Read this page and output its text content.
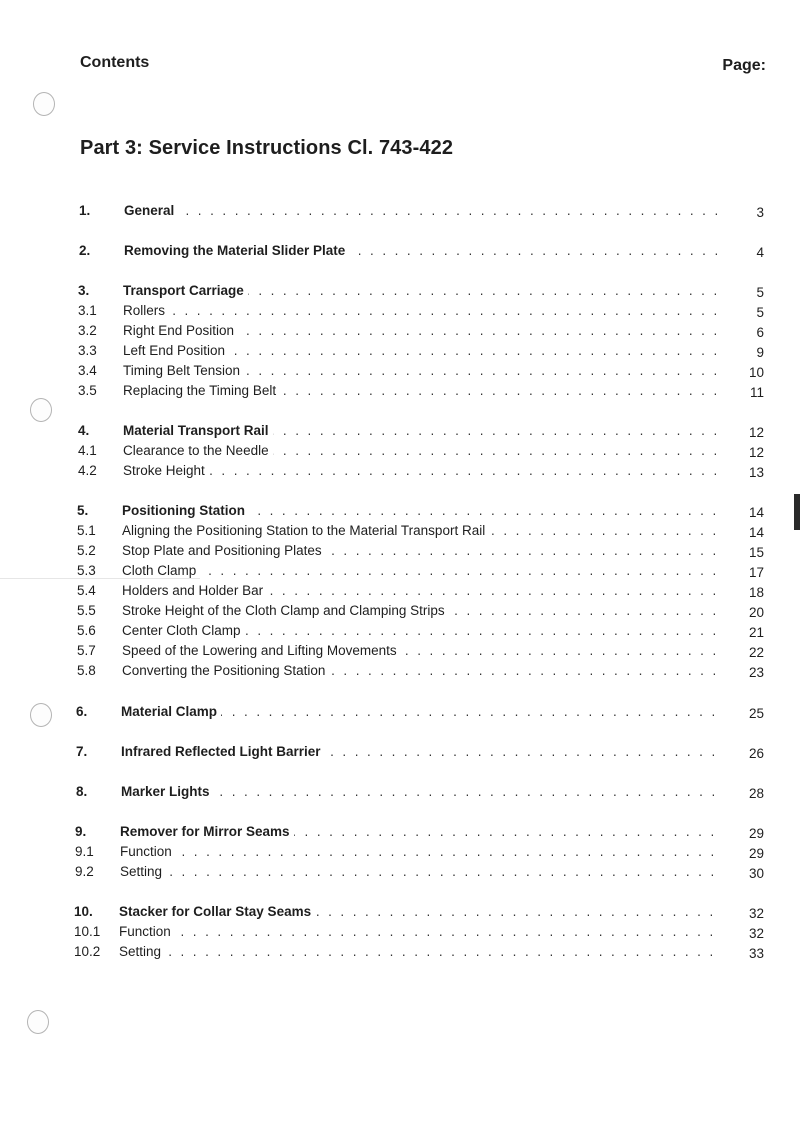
Contents	Page:
Part 3: Service Instructions Cl. 743-422
1. General . . .	3
2. Removing the Material Slider Plate . . .	4
3. Transport Carriage . . .	5
3.1 Rollers . . .	5
3.2 Right End Position . . .	6
3.3 Left End Position . . .	9
3.4 Timing Belt Tension . . .	10
3.5 Replacing the Timing Belt . . .	11
4. Material Transport Rail . . .	12
4.1 Clearance to the Needle . . .	12
4.2 Stroke Height . . .	13
5. Positioning Station . . .	14
5.1 Aligning the Positioning Station to the Material Transport Rail . . .	14
5.2 Stop Plate and Positioning Plates . . .	15
5.3 Cloth Clamp . . .	17
5.4 Holders and Holder Bar . . .	18
5.5 Stroke Height of the Cloth Clamp and Clamping Strips . . .	20
5.6 Center Cloth Clamp . . .	21
5.7 Speed of the Lowering and Lifting Movements . . .	22
5.8 Converting the Positioning Station . . .	23
6. Material Clamp . . .	25
7. Infrared Reflected Light Barrier . . .	26
8. Marker Lights . . .	28
9. Remover for Mirror Seams . . .	29
9.1 Function . . .	29
9.2 Setting . . .	30
10. Stacker for Collar Stay Seams . . .	32
10.1 Function . . .	32
10.2 Setting . . .	33
